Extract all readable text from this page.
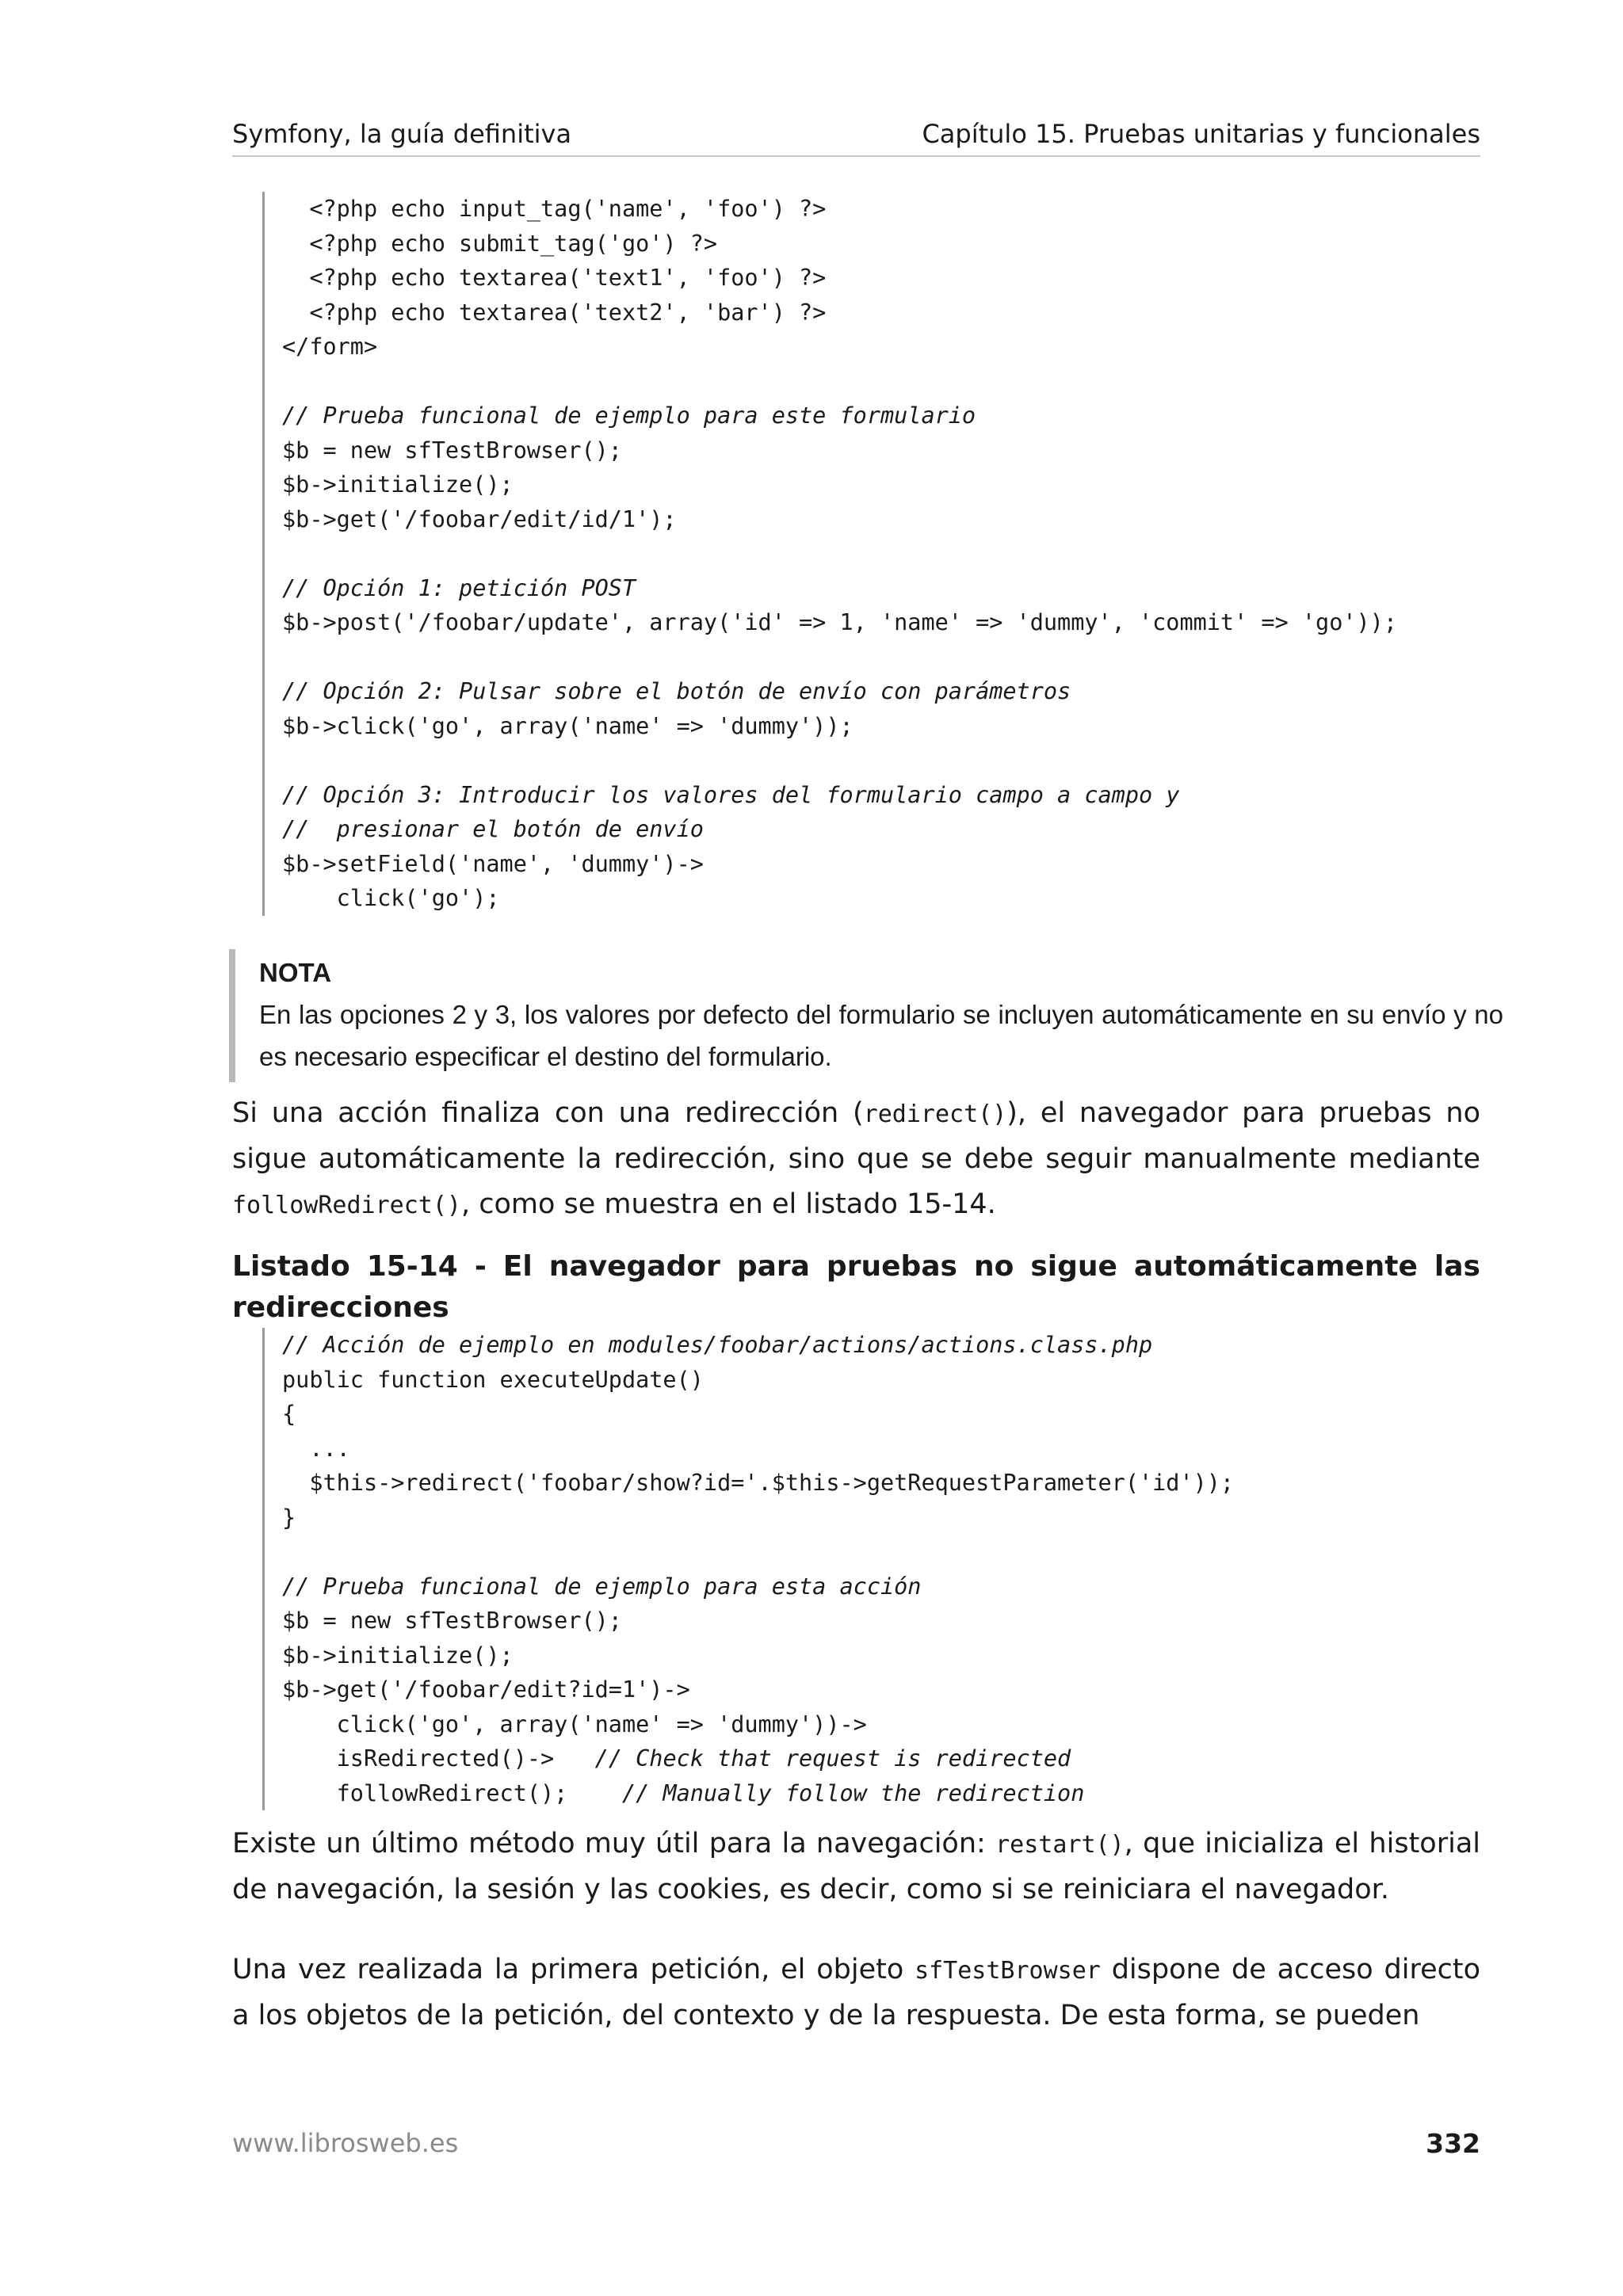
Symfony, la guía definitiva	Capítulo 15. Pruebas unitarias y funcionales
<?php echo input_tag('name', 'foo') ?>
<?php echo submit_tag('go') ?>
<?php echo textarea('text1', 'foo') ?>
<?php echo textarea('text2', 'bar') ?>
</form>
// Prueba funcional de ejemplo para este formulario
$b = new sfTestBrowser();
$b->initialize();
$b->get('/foobar/edit/id/1');
// Opción 1: petición POST
$b->post('/foobar/update', array('id' => 1, 'name' => 'dummy', 'commit' => 'go'));
// Opción 2: Pulsar sobre el botón de envío con parámetros
$b->click('go', array('name' => 'dummy'));
// Opción 3: Introducir los valores del formulario campo a campo y
//  presionar el botón de envío
$b->setField('name', 'dummy')->
click('go');
NOTA
En las opciones 2 y 3, los valores por defecto del formulario se incluyen automáticamente en su envío y no es necesario especificar el destino del formulario.
Si una acción finaliza con una redirección (redirect()), el navegador para pruebas no sigue automáticamente la redirección, sino que se debe seguir manualmente mediante followRedirect(), como se muestra en el listado 15-14.
Listado 15-14 - El navegador para pruebas no sigue automáticamente las redirecciones
// Acción de ejemplo en modules/foobar/actions/actions.class.php
public function executeUpdate()
{
...
$this->redirect('foobar/show?id='.$this->getRequestParameter('id'));
}
// Prueba funcional de ejemplo para esta acción
$b = new sfTestBrowser();
$b->initialize();
$b->get('/foobar/edit?id=1')->
click('go', array('name' => 'dummy'))->
isRedirected()->   // Check that request is redirected
followRedirect();    // Manually follow the redirection
Existe un último método muy útil para la navegación: restart(), que inicializa el historial de navegación, la sesión y las cookies, es decir, como si se reiniciara el navegador.
Una vez realizada la primera petición, el objeto sfTestBrowser dispone de acceso directo a los objetos de la petición, del contexto y de la respuesta. De esta forma, se pueden
www.librosweb.es	332
